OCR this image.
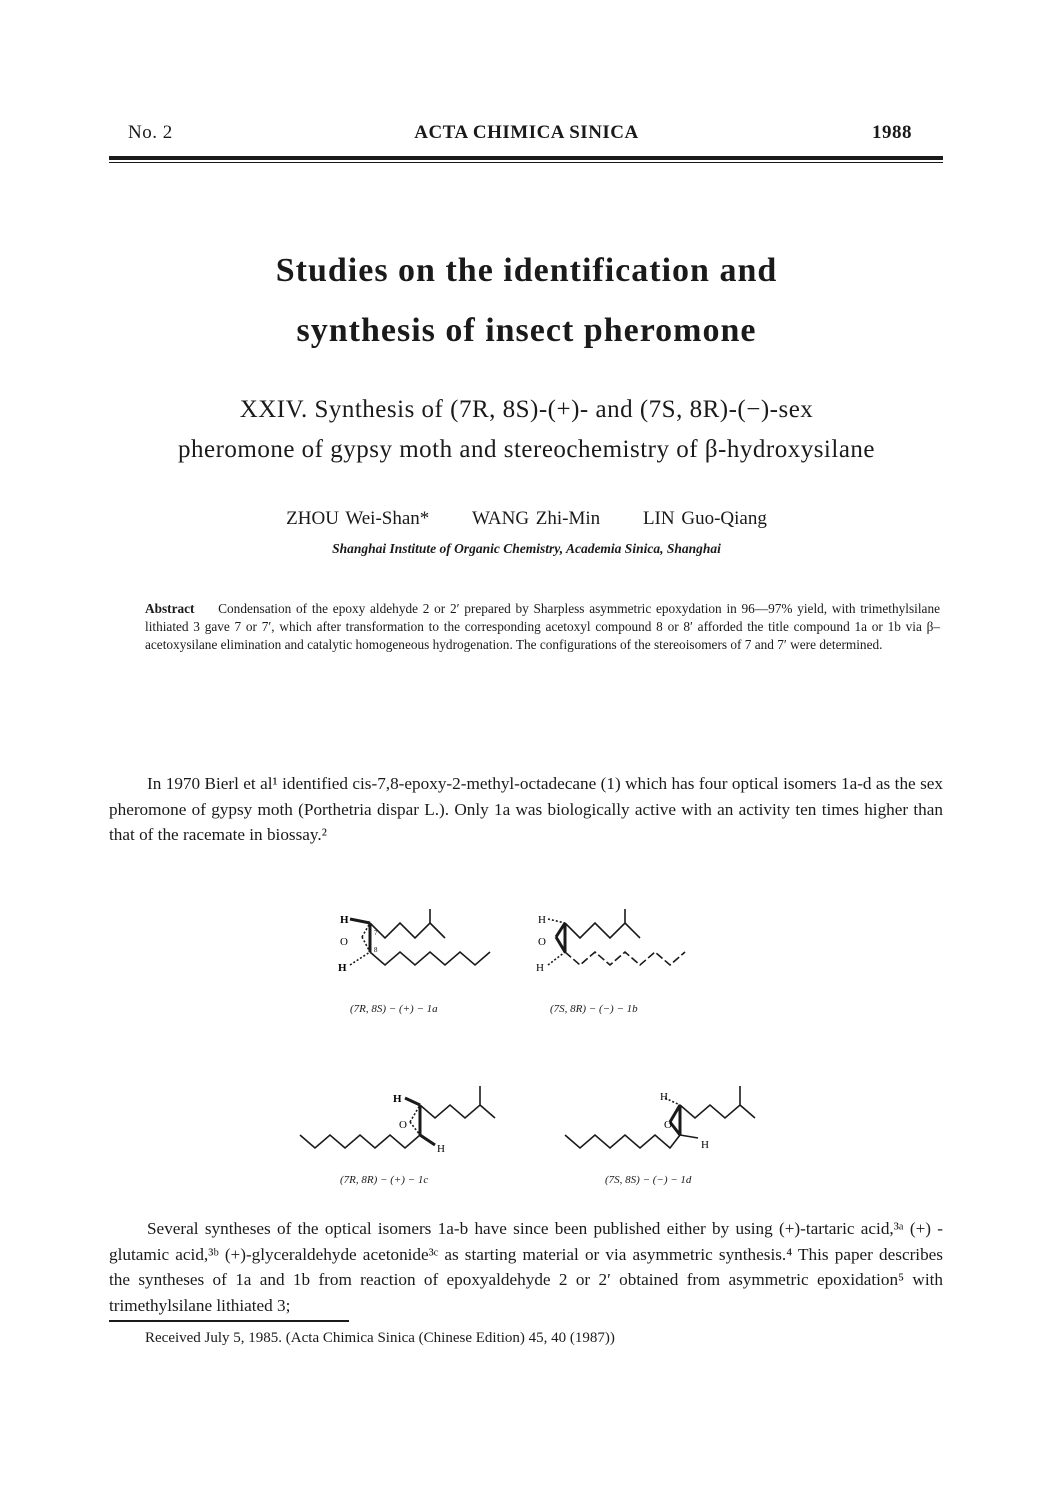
No. 2	ACTA CHIMICA SINICA	1988
Studies on the identification and
synthesis of insect pheromone
XXIV. Synthesis of (7R, 8S)-(+)- and (7S, 8R)-(−)-sex
pheromone of gypsy moth and stereochemistry of β-hydroxysilane
ZHOU Wei-Shan* WANG Zhi-Min LIN Guo-Qiang
Shanghai Institute of Organic Chemistry, Academia Sinica, Shanghai
Abstract Condensation of the epoxy aldehyde 2 or 2′ prepared by Sharpless asymmetric epoxydation in 96—97% yield, with trimethylsilane lithiated 3 gave 7 or 7′, which after transformation to the corresponding acetoxyl compound 8 or 8′ afforded the title compound 1a or 1b via β–acetoxysilane elimination and catalytic homogeneous hydrogenation. The configurations of the stereoisomers of 7 and 7′ were determined.
In 1970 Bierl et al¹ identified cis-7,8-epoxy-2-methyl-octadecane (1) which has four optical isomers 1a-d as the sex pheromone of gypsy moth (Porthetria dispar L.). Only 1a was biologically active with an activity ten times higher than that of the racemate in biossay.²
H
O
H
7
8
(7R, 8S) − (+) − 1a
H
O
H
(7S, 8R) − (−) − 1b
H
O
H
(7R, 8R) − (+) − 1c
H
O
H
(7S, 8S) − (−) − 1d
Several syntheses of the optical isomers 1a-b have since been published either by using (+)-tartaric acid,³ᵃ (+) -glutamic acid,³ᵇ (+)-glyceraldehyde acetonide³ᶜ as starting material or via asymmetric synthesis.⁴ This paper describes the syntheses of 1a and 1b from reaction of epoxyaldehyde 2 or 2′ obtained from asymmetric epoxidation⁵ with trimethylsilane lithiated 3;
Received July 5, 1985. (Acta Chimica Sinica (Chinese Edition) 45, 40 (1987))
